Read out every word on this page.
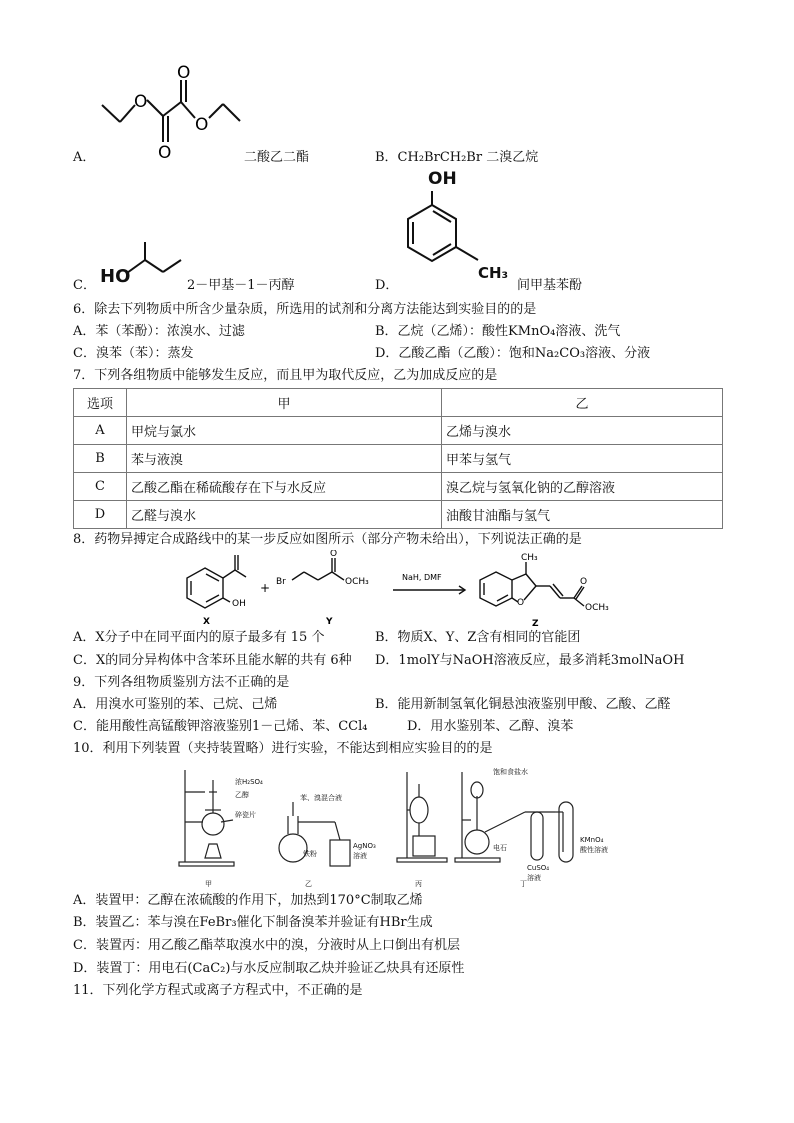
O
O
O
O
A．	二酸乙二酯	B．CH₂BrCH₂Br 二溴乙烷
HO
C．	2－甲基－1－丙醇
OH
CH₃
D．	间甲基苯酚
6．除去下列物质中所含少量杂质，所选用的试剂和分离方法能达到实验目的的是
A．苯（苯酚）：浓溴水、过滤	B．乙烷（乙烯）：酸性KMnO₄溶液、洗气
C．溴苯（苯）：蒸发	D．乙酸乙酯（乙酸）：饱和Na₂CO₃溶液、分液
7．下列各组物质中能够发生反应，而且甲为取代反应，乙为加成反应的是
选项	甲	乙
A	甲烷与氯水	乙烯与溴水
B	苯与液溴	甲苯与氢气
C	乙酸乙酯在稀硫酸存在下与水反应	溴乙烷与氢氧化钠的乙醇溶液
D	乙醛与溴水	油酸甘油酯与氢气
8．药物异搏定合成路线中的某一步反应如图所示（部分产物未给出），下列说法正确的是
OH
X
+ Br
O
OCH₃
Y
NaH, DMF
CH₃
O
O
OCH₃
Z
A．X分子中在同平面内的原子最多有 15 个	B．物质X、Y、Z含有相同的官能团
C．X的同分异构体中含苯环且能水解的共有 6种 D．1molY与NaOH溶液反应，最多消耗3molNaOH
9．下列各组物质鉴别方法不正确的是
A．用溴水可鉴别的苯、己烷、己烯	B．能用新制氢氧化铜悬浊液鉴别甲酸、乙酸、乙醛
C．能用酸性高锰酸钾溶液鉴别1－己烯、苯、CCl₄	D．用水鉴别苯、乙醇、溴苯
10．利用下列装置（夹持装置略）进行实验，不能达到相应实验目的的是
浓H₂SO₄
乙醇
碎瓷片
苯、溴混合液
铁粉
AgNO₃
溶液
饱和食盐水
电石
CuSO₄
溶液
KMnO₄
酸性溶液
甲	乙	丙	丁
A．装置甲：乙醇在浓硫酸的作用下，加热到170°C制取乙烯
B．装置乙：苯与溴在FeBr₃催化下制备溴苯并验证有HBr生成
C．装置丙：用乙酸乙酯萃取溴水中的溴，分液时从上口倒出有机层
D．装置丁：用电石(CaC₂)与水反应制取乙炔并验证乙炔具有还原性
11．下列化学方程式或离子方程式中，不正确的是
